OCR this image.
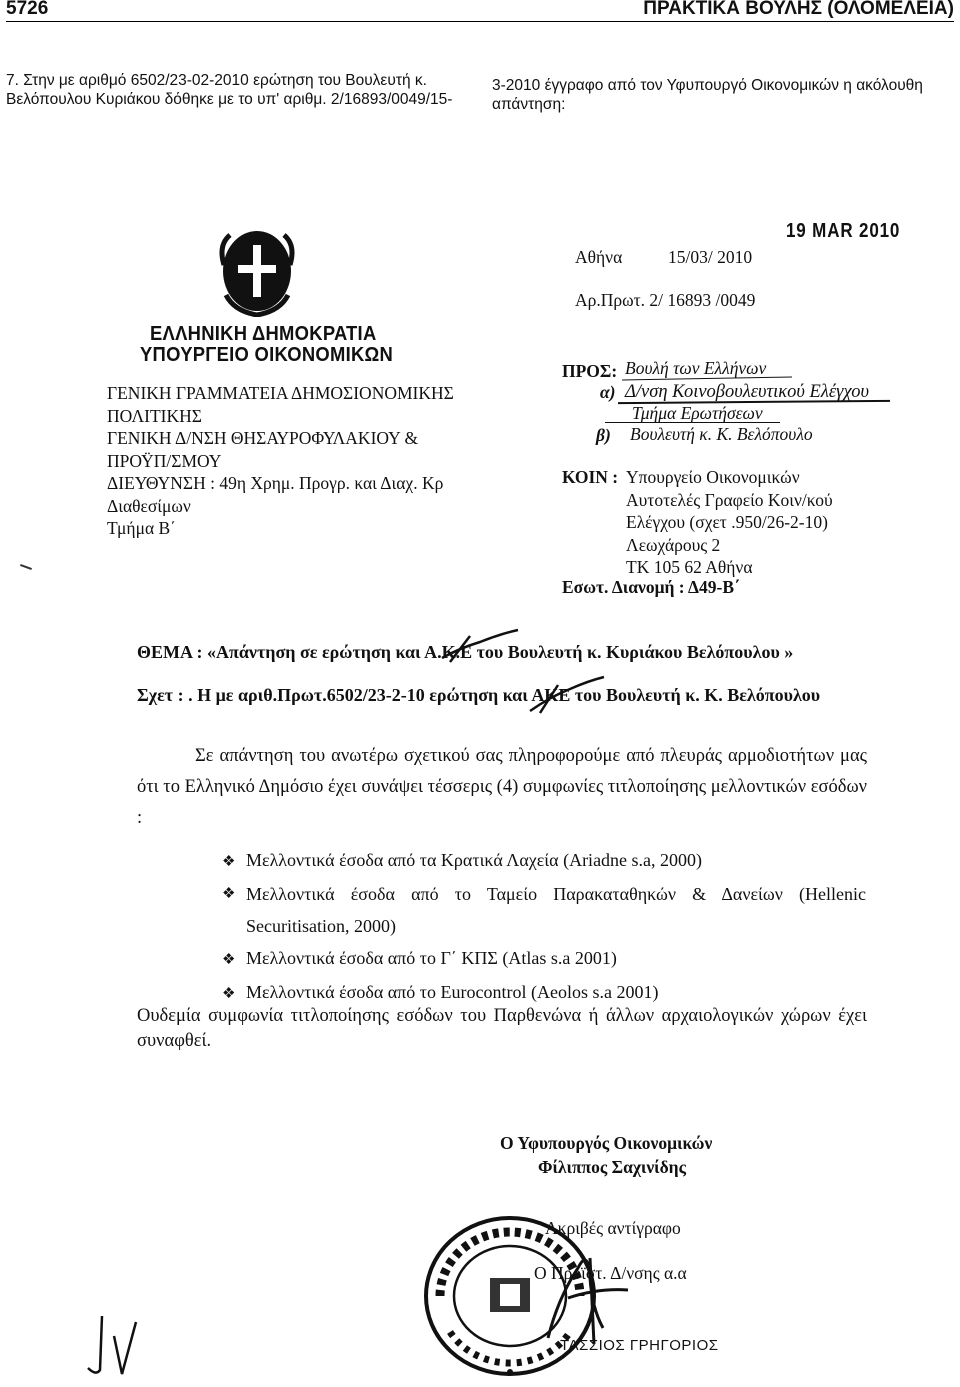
5726	ΠΡΑΚΤΙΚΑ ΒΟΥΛΗΣ (ΟΛΟΜΕΛΕΙΑ)
7. Στην με αριθμό 6502/23-02-2010 ερώτηση του Βουλευτή κ.
Βελόπουλου Κυριάκου δόθηκε με το υπ' αριθμ. 2/16893/0049/15-
3-2010 έγγραφο από τον Υφυπουργό Οικονομικών η ακόλουθη
απάντηση:
19 MAR 2010
Αθήνα	15/03/ 2010
Αρ.Πρωτ. 2/ 16893 /0049
ΕΛΛΗΝΙΚΗ ΔΗΜΟΚΡΑΤΙΑ
ΥΠΟΥΡΓΕΙΟ ΟΙΚΟΝΟΜΙΚΩΝ
ΓΕΝΙΚΗ ΓΡΑΜΜΑΤΕΙΑ ΔΗΜΟΣΙΟΝΟΜΙΚΗΣ
ΠΟΛΙΤΙΚΗΣ
ΓΕΝΙΚΗ Δ/ΝΣΗ ΘΗΣΑΥΡΟΦΥΛΑΚΙΟΥ &
ΠΡΟΫΠ/ΣΜΟΥ
ΔΙΕΥΘΥΝΣΗ : 49η Χρημ. Προγρ. και Διαχ. Κρ
Διαθεσίμων
Τμήμα Β΄
ΠΡΟΣ: Βουλή των Ελλήνων
α) Δ/νση Κοινοβουλευτικού Ελέγχου
Τμήμα Ερωτήσεων
β) Βουλευτή κ. Κ. Βελόπουλο
ΚΟΙΝ : Υπουργείο Οικονομικών
Αυτοτελές Γραφείο Κοιν/κού
Ελέγχου (σχετ .950/26-2-10)
Λεωχάρους 2
ΤΚ 105 62 Αθήνα
Εσωτ. Διανομή : Δ49-Β΄
ΘΕΜΑ : «Απάντηση σε ερώτηση και Α.Κ.Ε του Βουλευτή κ. Κυριάκου Βελόπουλου »
Σχετ : . Η με αριθ.Πρωτ.6502/23-2-10 ερώτηση και ΑΚΕ του Βουλευτή κ. Κ. Βελόπουλου
Σε απάντηση του ανωτέρω σχετικού σας πληροφορούμε από πλευράς αρμοδιοτήτων μας ότι το Ελληνικό Δημόσιο έχει συνάψει τέσσερις (4) συμφωνίες τιτλοποίησης μελλοντικών εσόδων :
❖ Μελλοντικά έσοδα από τα Κρατικά Λαχεία (Ariadne s.a, 2000)
❖ Μελλοντικά έσοδα από το Ταμείο Παρακαταθηκών & Δανείων (Hellenic Securitisation, 2000)
❖ Μελλοντικά έσοδα από το Γ΄ ΚΠΣ (Atlas s.a 2001)
❖ Μελλοντικά έσοδα από το Eurocontrol (Aeolos s.a 2001)
Ουδεμία συμφωνία τιτλοποίησης εσόδων του Παρθενώνα ή άλλων αρχαιολογικών χώρων έχει συναφθεί.
Ο Υφυπουργός Οικονομικών
Φίλιππος Σαχινίδης
Ακριβές αντίγραφο
Ο Προϊστ. Δ/νσης α.α
ΤΑΣΣΙΟΣ ΓΡΗΓΟΡΙΟΣ
